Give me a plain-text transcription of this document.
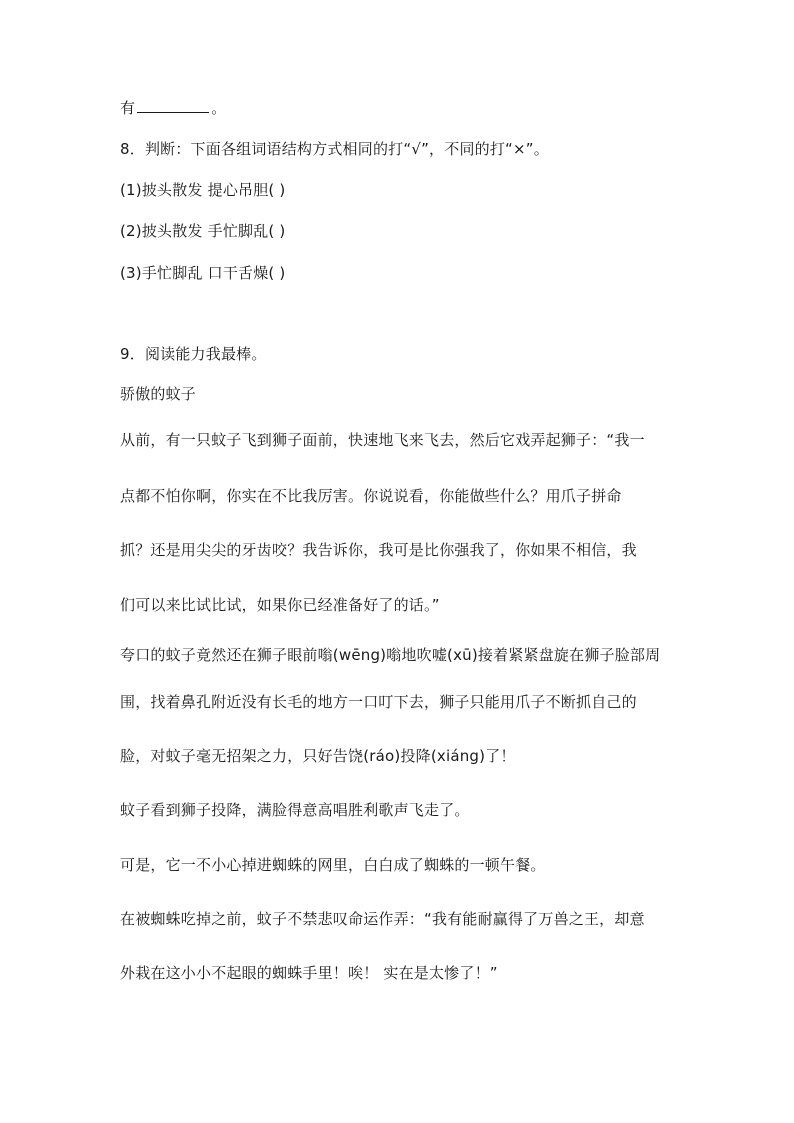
有	。
8．判断：下面各组词语结构方式相同的打“√”，不同的打“×”。
(1)披头散发 提心吊胆( )
(2)披头散发 手忙脚乱( )
(3)手忙脚乱 口干舌燥( )
9．阅读能力我最棒。
骄傲的蚊子
从前，有一只蚊子飞到狮子面前，快速地飞来飞去，然后它戏弄起狮子：“我一
点都不怕你啊，你实在不比我厉害。你说说看，你能做些什么？用爪子拼命
抓？还是用尖尖的牙齿咬？我告诉你，我可是比你强我了，你如果不相信，我
们可以来比试比试，如果你已经准备好了的话。”
夸口的蚊子竟然还在狮子眼前嗡(wēng)嗡地吹嘘(xū)接着紧紧盘旋在狮子脸部周
围，找着鼻孔附近没有长毛的地方一口叮下去，狮子只能用爪子不断抓自己的
脸，对蚊子毫无招架之力，只好告饶(ráo)投降(xiáng)了！
蚊子看到狮子投降，满脸得意高唱胜利歌声飞走了。
可是，它一不小心掉进蜘蛛的网里，白白成了蜘蛛的一顿午餐。
在被蜘蛛吃掉之前，蚊子不禁悲叹命运作弄：“我有能耐赢得了万兽之王，却意
外栽在这小小不起眼的蜘蛛手里！唉！ 实在是太惨了！”
